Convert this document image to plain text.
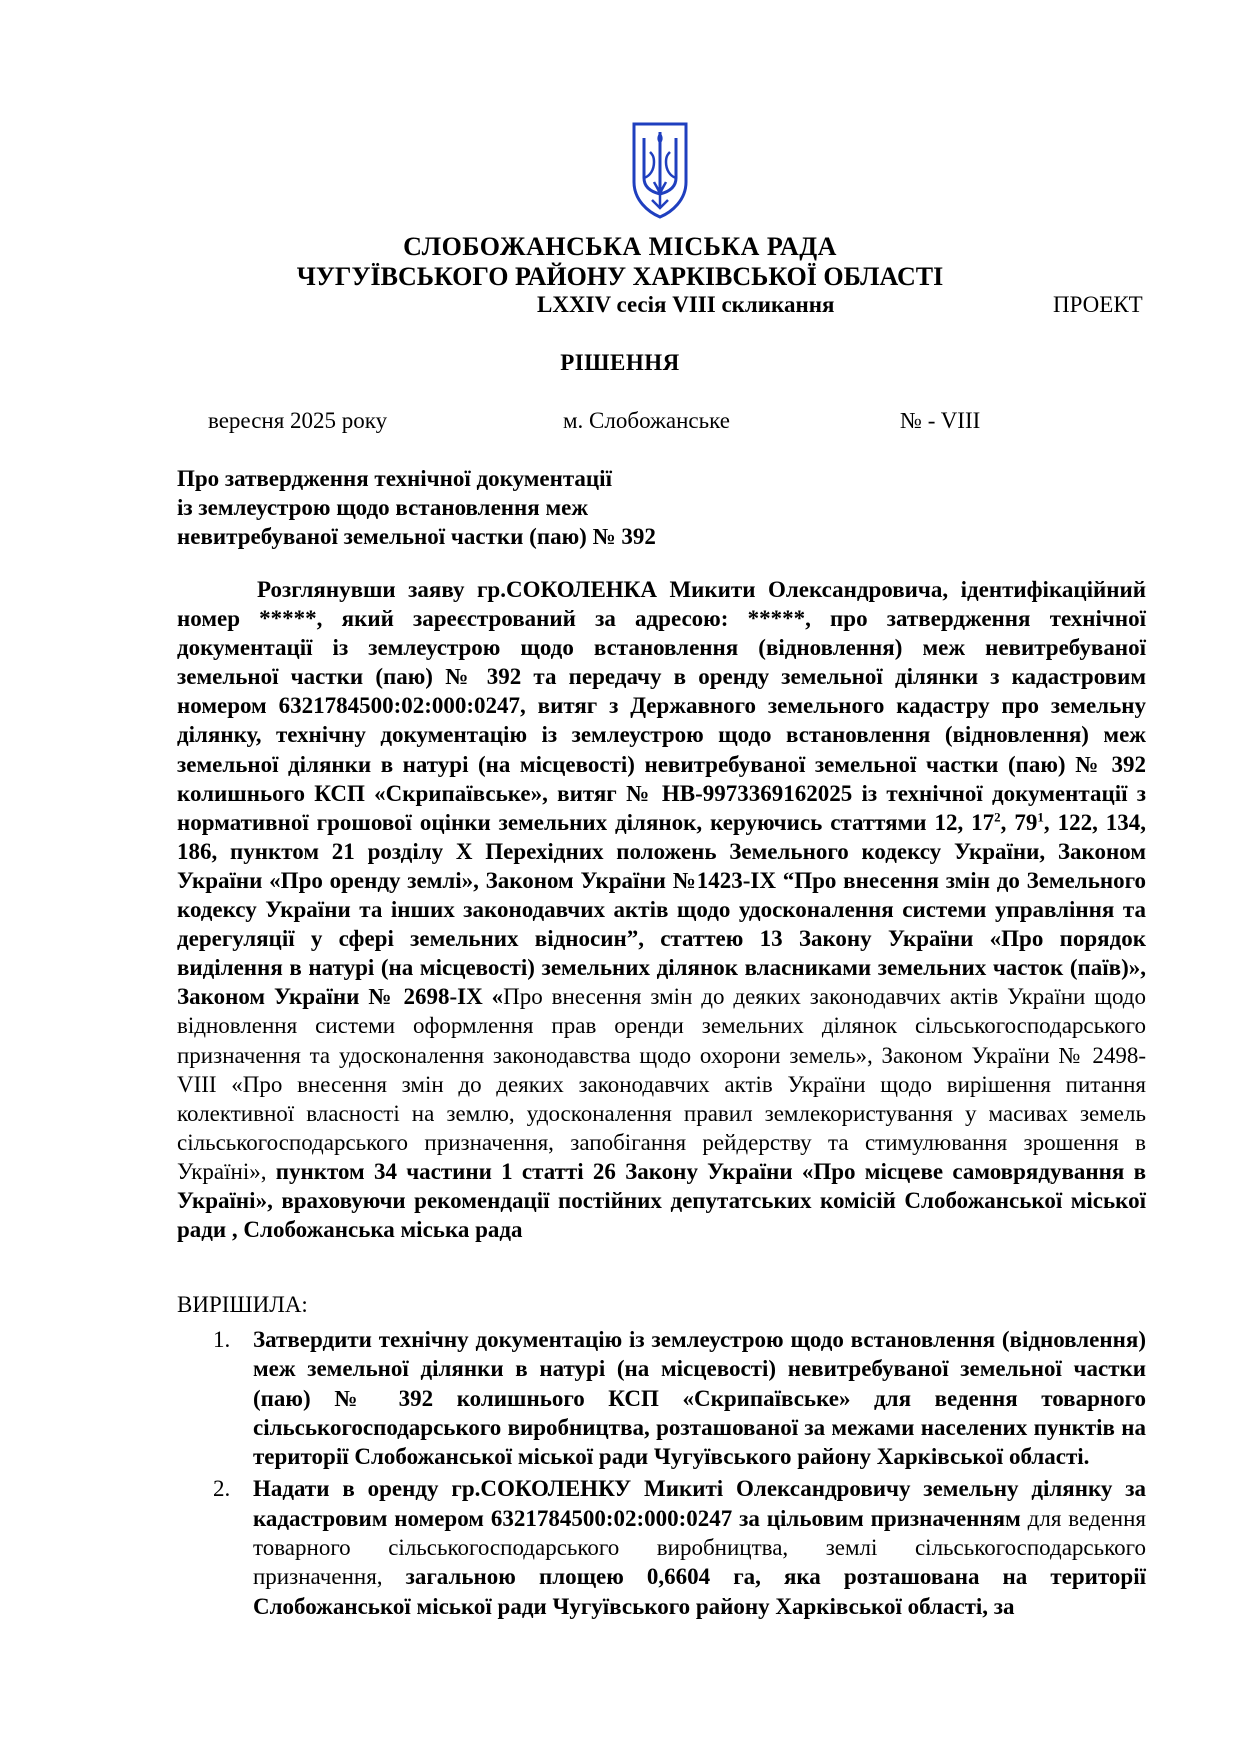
СЛОБОЖАНСЬКА МІСЬКА РАДА
ЧУГУЇВСЬКОГО РАЙОНУ ХАРКІВСЬКОЇ ОБЛАСТІ
LXXIV сесія VIII скликання	ПРОЕКТ
РІШЕННЯ
вересня 2025 року	м. Слобожанське	№ - VIII
Про затвердження технічної документації
із землеустрою щодо встановлення меж
невитребуваної земельної частки (паю) № 392
Розглянувши заяву гр.СОКОЛЕНКА Микити Олександровича, ідентифікаційний номер *****, який зареєстрований за адресою: *****, про затвердження технічної документації із землеустрою щодо встановлення (відновлення) меж невитребуваної земельної частки (паю) № 392 та передачу в оренду земельної ділянки з кадастровим номером 6321784500:02:000:0247, витяг з Державного земельного кадастру про земельну ділянку, технічну документацію із землеустрою щодо встановлення (відновлення) меж земельної ділянки в натурі (на місцевості) невитребуваної земельної частки (паю) № 392 колишнього КСП «Скрипаївське», витяг № НВ-9973369162025 із технічної документації з нормативної грошової оцінки земельних ділянок, керуючись статтями 12, $17^2$, $79^1$, 122, 134, 186, пунктом 21 розділу Х Перехідних положень Земельного кодексу України, Законом України «Про оренду землі», Законом України №1423-ІХ “Про внесення змін до Земельного кодексу України та інших законодавчих актів щодо удосконалення системи управління та дерегуляції у сфері земельних відносин”, статтею 13 Закону України «Про порядок виділення в натурі (на місцевості) земельних ділянок власниками земельних часток (паїв)», Законом України № 2698-IX «Про внесення змін до деяких законодавчих актів України щодо відновлення системи оформлення прав оренди земельних ділянок сільськогосподарського призначення та удосконалення законодавства щодо охорони земель», Законом України № 2498-VIII «Про внесення змін до деяких законодавчих актів України щодо вирішення питання колективної власності на землю, удосконалення правил землекористування у масивах земель сільськогосподарського призначення, запобігання рейдерству та стимулювання зрошення в Україні», пунктом 34 частини 1 статті 26 Закону України «Про місцеве самоврядування в Україні», враховуючи рекомендації постійних депутатських комісій Слобожанської міської ради , Слобожанська міська рада
ВИРІШИЛА:
1. Затвердити технічну документацію із землеустрою щодо встановлення (відновлення) меж земельної ділянки в натурі (на місцевості) невитребуваної земельної частки (паю) № 392 колишнього КСП «Скрипаївське» для ведення товарного сільськогосподарського виробництва, розташованої за межами населених пунктів на території Слобожанської міської ради Чугуївського району Харківської області.
2. Надати в оренду гр.СОКОЛЕНКУ Микиті Олександровичу земельну ділянку за кадастровим номером 6321784500:02:000:0247 за цільовим призначенням для ведення товарного сільськогосподарського виробництва, землі сільськогосподарського призначення, загальною площею 0,6604 га, яка розташована на території Слобожанської міської ради Чугуївського району Харківської області, за
